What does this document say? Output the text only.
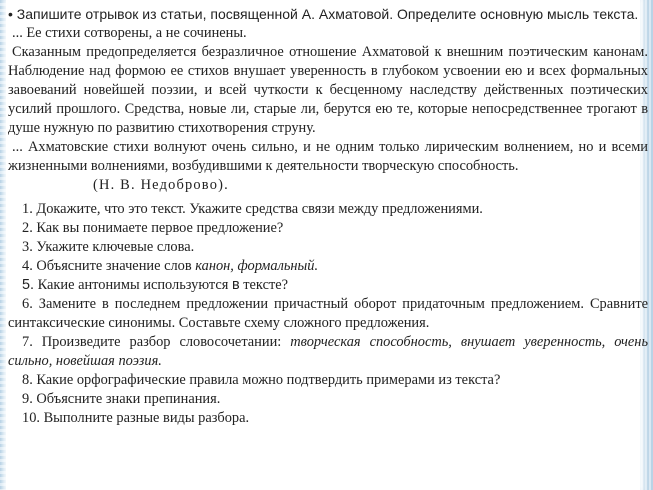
• Запишите отрывок из статьи, посвященной А. Ахматовой. Определите основную мысль текста.

... Ее стихи сотворены, а не сочинены.

Сказанным предопределяется безразличное отношение Ахматовой к внешним поэтическим канонам. Наблюдение над формою ее стихов внушает уверенность в глубоком усвоении ею и всех формальных завоеваний новейшей поэзии, и всей чуткости к бесценному наследству действенных поэтических усилий прошлого. Средства, новые ли, старые ли, берутся ею те, которые непосредственнее трогают в душе нужную по развитию стихотворения струну.

... Ахматовские стихи волнуют очень сильно, и не одним только лирическим волнением, но и всеми жизненными волнениями, возбудившими к деятельности творческую способность.

(Н. В. Недоброво).

1. Докажите, что это текст. Укажите средства связи между предложениями.

2. Как вы понимаете первое предложение?

3. Укажите ключевые слова.

4. Объясните значение слов канон, формальный.

5. Какие антонимы используются в тексте?

6. Замените в последнем предложении причастный оборот придаточным предложением. Сравните синтаксические синонимы. Составьте схему сложного предложения.

7. Произведите разбор словосочетании: творческая способность, внушает уверенность, очень сильно, новейшая поэзия.

8. Какие орфографические правила можно подтвердить примерами из текста?

9. Объясните знаки препинания.

10. Выполните разные виды разбора.
